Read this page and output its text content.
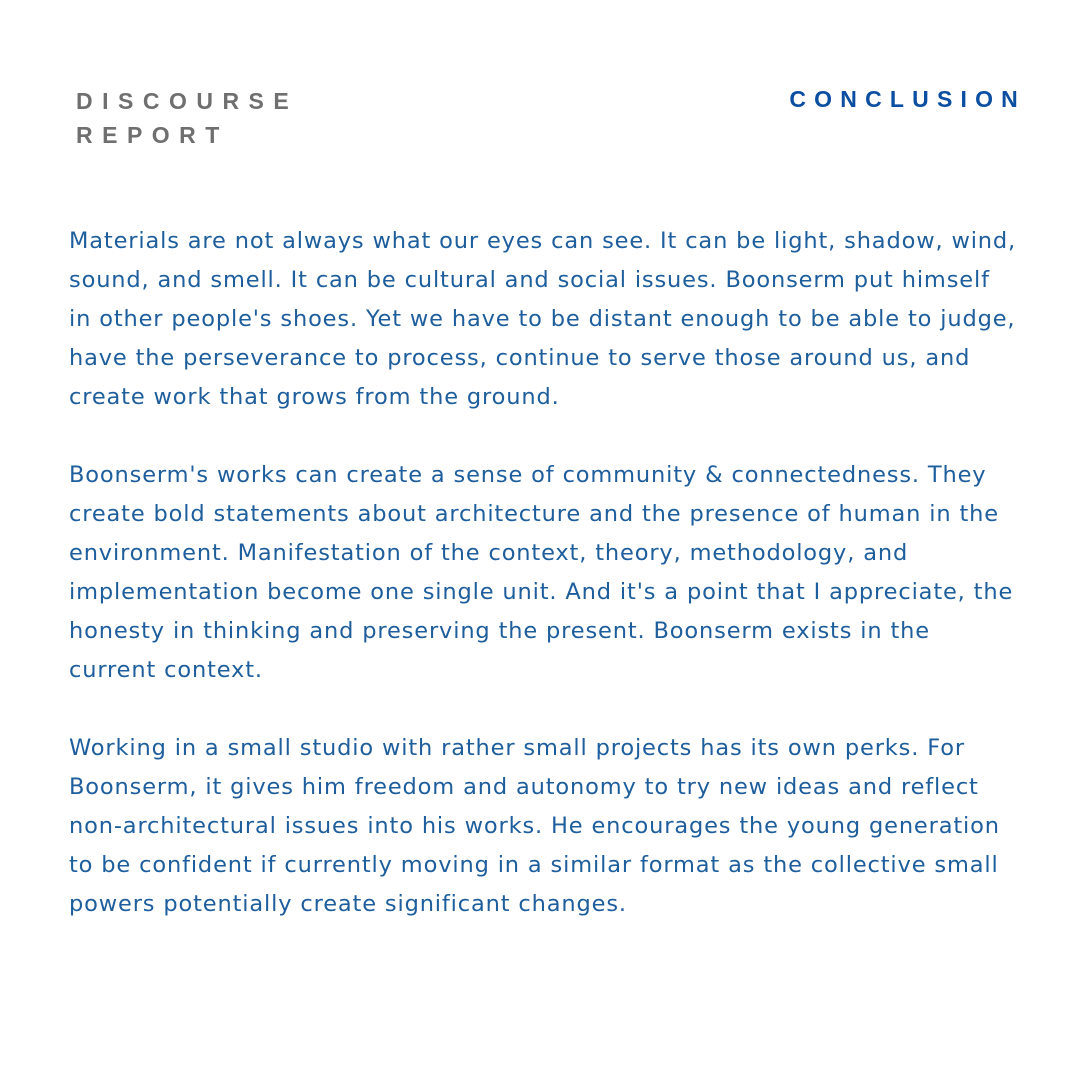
DISCOURSE
REPORT
CONCLUSION

Materials are not always what our eyes can see. It can be light, shadow, wind, sound, and smell. It can be cultural and social issues. Boonserm put himself in other people's shoes. Yet we have to be distant enough to be able to judge, have the perseverance to process, continue to serve those around us, and create work that grows from the ground.

Boonserm's works can create a sense of community & connectedness. They create bold statements about architecture and the presence of human in the environment. Manifestation of the context, theory, methodology, and implementation become one single unit. And it's a point that I appreciate, the honesty in thinking and preserving the present. Boonserm exists in the current context.

Working in a small studio with rather small projects has its own perks. For Boonserm, it gives him freedom and autonomy to try new ideas and reflect non-architectural issues into his works. He encourages the young generation to be confident if currently moving in a similar format as the collective small powers potentially create significant changes.
